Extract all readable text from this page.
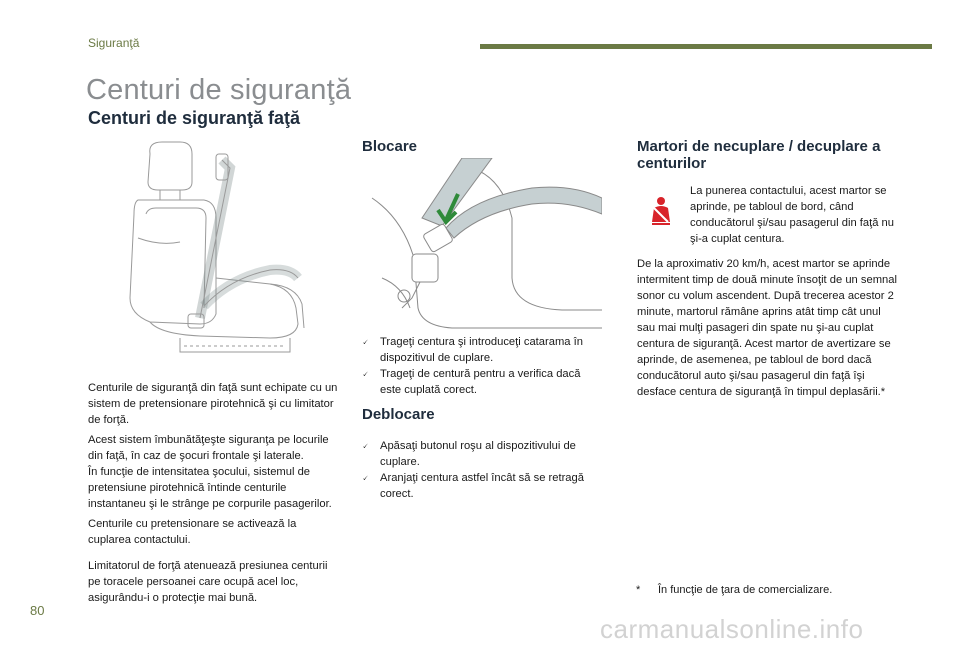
Siguranţă
Centuri de siguranţă
Centuri de siguranţă faţă

Centurile de siguranţă din faţă sunt echipate cu un sistem de pretensionare pirotehnică şi cu limitator de forţă.

Acest sistem îmbunătăţeşte siguranţa pe locurile din faţă, în caz de şocuri frontale şi laterale.

În funcţie de intensitatea şocului, sistemul de pretensiune pirotehnică întinde centurile instantaneu şi le strânge pe corpurile pasagerilor.

Centurile cu pretensionare se activează la cuplarea contactului.

Limitatorul de forţă atenuează presiunea centurii pe toracele persoanei care ocupă acel loc, asigurându-i o protecţie mai bună.

Blocare

🗸 Trageţi centura şi introduceţi catarama în dispozitivul de cuplare.

🗸 Trageţi de centură pentru a verifica dacă este cuplată corect.

Deblocare

🗸 Apăsaţi butonul roşu al dispozitivului de cuplare.

🗸 Aranjaţi centura astfel încât să se retragă corect.

Martori de necuplare / decuplare a centurilor

La punerea contactului, acest martor se aprinde, pe tabloul de bord, când conducătorul şi/sau pasagerul din faţă nu şi-a cuplat centura.

De la aproximativ 20 km/h, acest martor se aprinde intermitent timp de două minute însoţit de un semnal sonor cu volum ascendent. După trecerea acestor 2 minute, martorul rămâne aprins atât timp cât unul sau mai mulţi pasageri din spate nu şi-au cuplat centura de siguranţă. Acest martor de avertizare se aprinde, de asemenea, pe tabloul de bord dacă conducătorul auto şi/sau pasagerul din faţă îşi desface centura de siguranţă în timpul deplasării.*

* În funcţie de ţara de comercializare.
80
carmanualsonline.info
